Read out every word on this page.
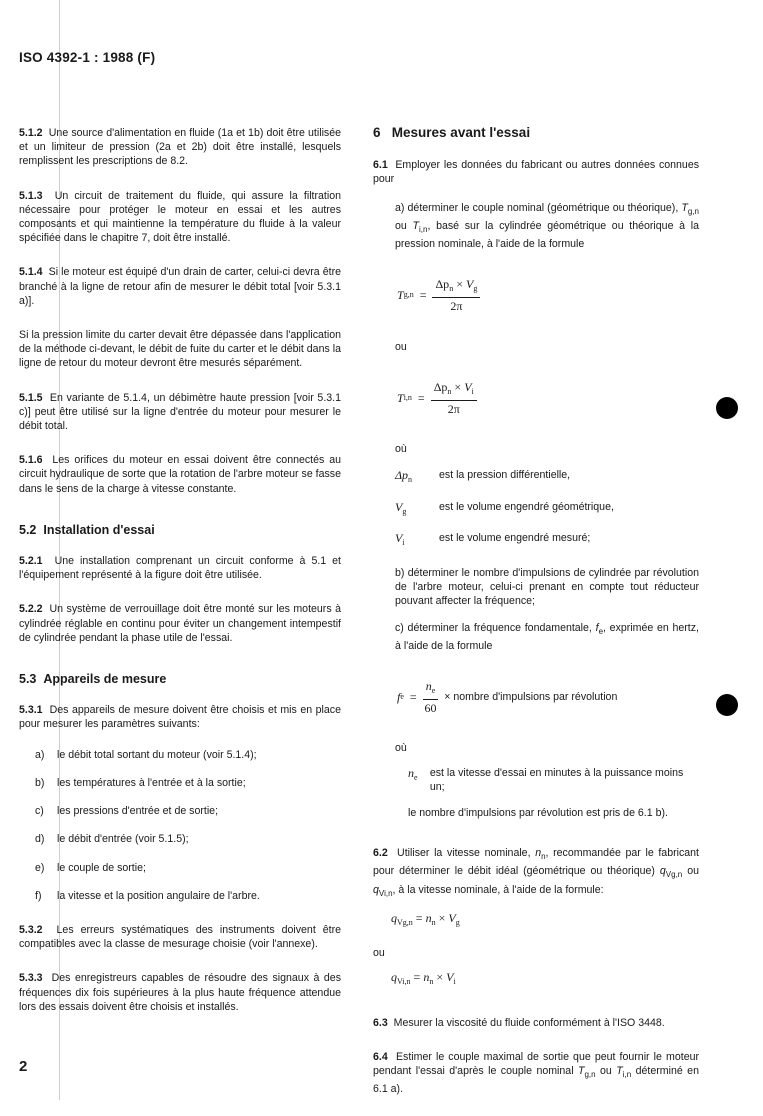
ISO 4392-1 : 1988 (F)

5.1.2 Une source d'alimentation en fluide (1a et 1b) doit être utilisée et un limiteur de pression (2a et 2b) doit être installé, lesquels remplissent les prescriptions de 8.2.

5.1.3 Un circuit de traitement du fluide, qui assure la filtration nécessaire pour protéger le moteur en essai et les autres composants et qui maintienne la température du fluide à la valeur spécifiée dans le chapitre 7, doit être installé.

5.1.4 Si le moteur est équipé d'un drain de carter, celui-ci devra être branché à la ligne de retour afin de mesurer le débit total [voir 5.3.1 a)].

Si la pression limite du carter devait être dépassée dans l'application de la méthode ci-devant, le débit de fuite du carter et le débit dans la ligne de retour du moteur devront être mesurés séparément.

5.1.5 En variante de 5.1.4, un débimètre haute pression [voir 5.3.1 c)] peut être utilisé sur la ligne d'entrée du moteur pour mesurer le débit total.

5.1.6 Les orifices du moteur en essai doivent être connectés au circuit hydraulique de sorte que la rotation de l'arbre moteur se fasse dans le sens de la charge à vitesse constante.

5.2 Installation d'essai

5.2.1 Une installation comprenant un circuit conforme à 5.1 et l'équipement représenté à la figure doit être utilisée.

5.2.2 Un système de verrouillage doit être monté sur les moteurs à cylindrée réglable en continu pour éviter un changement intempestif de cylindrée pendant la phase utile de l'essai.

5.3 Appareils de mesure

5.3.1 Des appareils de mesure doivent être choisis et mis en place pour mesurer les paramètres suivants:

a) le débit total sortant du moteur (voir 5.1.4);
b) les températures à l'entrée et à la sortie;
c) les pressions d'entrée et de sortie;
d) le débit d'entrée (voir 5.1.5);
e) le couple de sortie;
f) la vitesse et la position angulaire de l'arbre.

5.3.2 Les erreurs systématiques des instruments doivent être compatibles avec la classe de mesurage choisie (voir l'annexe).

5.3.3 Des enregistreurs capables de résoudre des signaux à des fréquences dix fois supérieures à la plus haute fréquence attendue lors des essais doivent être choisis et installés.

6 Mesures avant l'essai

6.1 Employer les données du fabricant ou autres données connues pour

a) déterminer le couple nominal (géométrique ou théorique), $T_{g,n}$ ou $T_{i,n}$, basé sur la cylindrée géométrique ou théorique à la pression nominale, à l'aide de la formule

T $g,n = \frac{\Delta p_n \times V_g}{2\pi}$

ou

T $i,n = \frac{\Delta p_n \times V_i}{2\pi}$

où

$\Delta p_n$	est la pression différentielle,
$V_g$	est le volume engendré géométrique,
$V_i$	est le volume engendré mesuré;

b) déterminer le nombre d'impulsions de cylindrée par révolution de l'arbre moteur, celui-ci prenant en compte tout réducteur pouvant affecter la fréquence;

c) déterminer la fréquence fondamentale, $f_e$, exprimée en hertz, à l'aide de la formule

f $e = \frac{n_e}{60}$ × nombre d'impulsions par révolution

où

$n_e$	est la vitesse d'essai en minutes à la puissance moins un;

le nombre d'impulsions par révolution est pris de 6.1 b).

6.2 Utiliser la vitesse nominale, $n_n$, recommandée par le fabricant pour déterminer le débit idéal (géométrique ou théorique) $q_{Vg,n}$ ou $q_{Vi,n}$, à la vitesse nominale, à l'aide de la formule:

$q_{Vg,n} = n_n \times V_g$

ou

$q_{Vi,n} = n_n \times V_i$

6.3 Mesurer la viscosité du fluide conformément à l'ISO 3448.

6.4 Estimer le couple maximal de sortie que peut fournir le moteur pendant l'essai d'après le couple nominal $T_{g,n}$ ou $T_{i,n}$ déterminé en 6.1 a).

2
